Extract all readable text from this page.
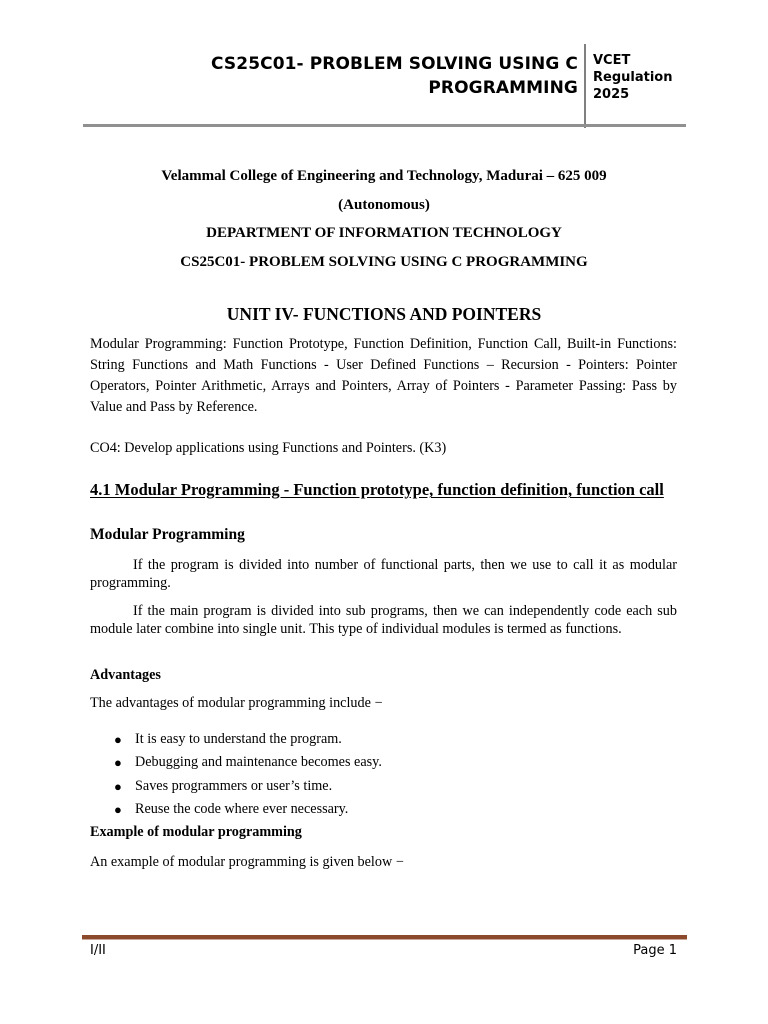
CS25C01- PROBLEM SOLVING USING C
PROGRAMMING
VCET
Regulation
2025
Velammal College of Engineering and Technology, Madurai – 625 009
(Autonomous)
DEPARTMENT OF INFORMATION TECHNOLOGY
CS25C01- PROBLEM SOLVING USING C PROGRAMMING
UNIT IV- FUNCTIONS AND POINTERS
Modular Programming: Function Prototype, Function Definition, Function Call, Built-in Functions: String Functions and Math Functions - User Defined Functions – Recursion - Pointers: Pointer Operators, Pointer Arithmetic, Arrays and Pointers, Array of Pointers - Parameter Passing: Pass by Value and Pass by Reference.
CO4: Develop applications using Functions and Pointers. (K3)
4.1 Modular Programming - Function prototype, function definition, function call
Modular Programming
If the program is divided into number of functional parts, then we use to call it as modular programming.
If the main program is divided into sub programs, then we can independently code each sub module later combine into single unit. This type of individual modules is termed as functions.
Advantages
The advantages of modular programming include −
● It is easy to understand the program.
● Debugging and maintenance becomes easy.
● Saves programmers or user’s time.
● Reuse the code where ever necessary.
Example of modular programming
An example of modular programming is given below −
I/II	Page 1
